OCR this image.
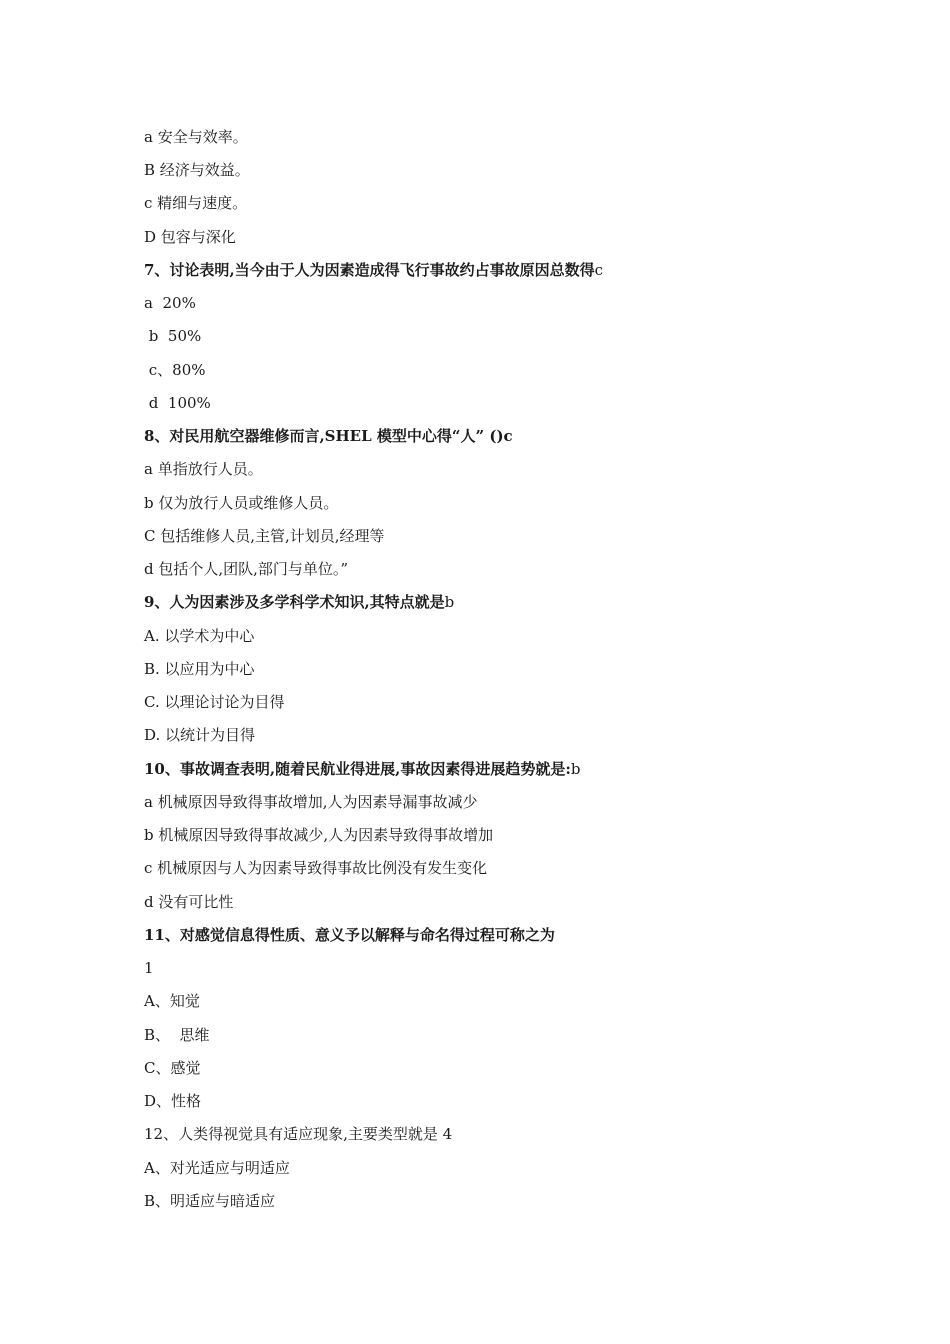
a 安全与效率。
B 经济与效益。
c 精细与速度。
D 包容与深化
7、讨论表明,当今由于人为因素造成得飞行事故约占事故原因总数得c
a  20%
b  50%
c、80%
d  100%
8、对民用航空器维修而言,SHEL 模型中心得“人” ()c
a 单指放行人员。
b 仅为放行人员或维修人员。
C 包括维修人员,主管,计划员,经理等
d 包括个人,团队,部门与单位。”
9、人为因素涉及多学科学术知识,其特点就是b
A. 以学术为中心
B. 以应用为中心
C. 以理论讨论为目得
D. 以统计为目得
10、事故调查表明,随着民航业得进展,事故因素得进展趋势就是:b
a 机械原因导致得事故增加,人为因素导漏事故减少
b 机械原因导致得事故减少,人为因素导致得事故增加
c 机械原因与人为因素导致得事故比例没有发生变化
d 没有可比性
11、对感觉信息得性质、意义予以解释与命名得过程可称之为
1
A、知觉
B、  思维
C、感觉
D、性格
12、人类得视觉具有适应现象,主要类型就是 4
A、对光适应与明适应
B、明适应与暗适应
